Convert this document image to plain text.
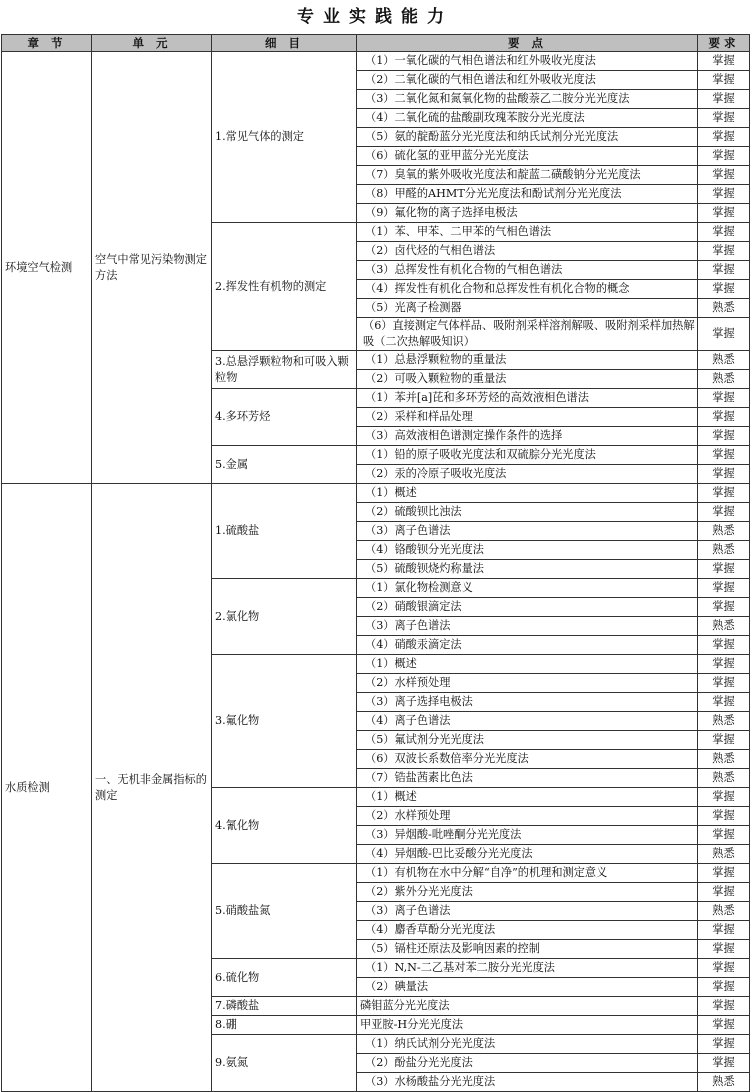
专业实践能力
章 节	单 元	细 目	要 点	要求
环境空气检测	空气中常见污染物测定方法	1.常见气体的测定	（1）一氧化碳的气相色谱法和红外吸收光度法	掌握
			（2）二氧化碳的气相色谱法和红外吸收光度法	掌握
			（3）二氧化氮和氮氧化物的盐酸萘乙二胺分光光度法	掌握
			（4）二氧化硫的盐酸副玫瑰苯胺分光光度法	掌握
			（5）氨的靛酚蓝分光光度法和纳氏试剂分光光度法	掌握
			（6）硫化氢的亚甲蓝分光光度法	掌握
			（7）臭氧的紫外吸收光度法和靛蓝二磺酸钠分光光度法	掌握
			（8）甲醛的AHMT分光光度法和酚试剂分光光度法	掌握
			（9）氟化物的离子选择电极法	掌握
		2.挥发性有机物的测定	（1）苯、甲苯、二甲苯的气相色谱法	掌握
			（2）卤代烃的气相色谱法	掌握
			（3）总挥发性有机化合物的气相色谱法	掌握
			（4）挥发性有机化合物和总挥发性有机化合物的概念	掌握
			（5）光离子检测器	熟悉
			（6）直接测定气体样品、吸附剂采样溶剂解吸、吸附剂采样加热解吸（二次热解吸知识）	掌握
		3.总悬浮颗粒物和可吸入颗粒物	（1）总悬浮颗粒物的重量法	熟悉
			（2）可吸入颗粒物的重量法	熟悉
		4.多环芳烃	（1）苯并[a]芘和多环芳烃的高效液相色谱法	掌握
			（2）采样和样品处理	掌握
			（3）高效液相色谱测定操作条件的选择	掌握
		5.金属	（1）铅的原子吸收光度法和双硫腙分光光度法	掌握
			（2）汞的冷原子吸收光度法	掌握
水质检测	一、无机非金属指标的测定	1.硫酸盐	（1）概述	掌握
			（2）硫酸钡比浊法	掌握
			（3）离子色谱法	熟悉
			（4）铬酸钡分光光度法	熟悉
			（5）硫酸钡烧灼称量法	掌握
		2.氯化物	（1）氯化物检测意义	掌握
			（2）硝酸银滴定法	掌握
			（3）离子色谱法	熟悉
			（4）硝酸汞滴定法	掌握
		3.氟化物	（1）概述	掌握
			（2）水样预处理	掌握
			（3）离子选择电极法	掌握
			（4）离子色谱法	熟悉
			（5）氟试剂分光光度法	掌握
			（6）双波长系数倍率分光光度法	熟悉
			（7）锆盐茜素比色法	熟悉
		4.氰化物	（1）概述	掌握
			（2）水样预处理	掌握
			（3）异烟酸-吡唑酮分光光度法	掌握
			（4）异烟酸-巴比妥酸分光光度法	熟悉
		5.硝酸盐氮	（1）有机物在水中分解“自净”的机理和测定意义	掌握
			（2）紫外分光光度法	掌握
			（3）离子色谱法	熟悉
			（4）麝香草酚分光光度法	掌握
			（5）镉柱还原法及影响因素的控制	掌握
		6.硫化物	（1）N,N-二乙基对苯二胺分光光度法	掌握
			（2）碘量法	掌握
		7.磷酸盐	磷钼蓝分光光度法	掌握
		8.硼	甲亚胺-H分光光度法	掌握
		9.氨氮	（1）纳氏试剂分光光度法	掌握
			（2）酚盐分光光度法	掌握
			（3）水杨酸盐分光光度法	熟悉
